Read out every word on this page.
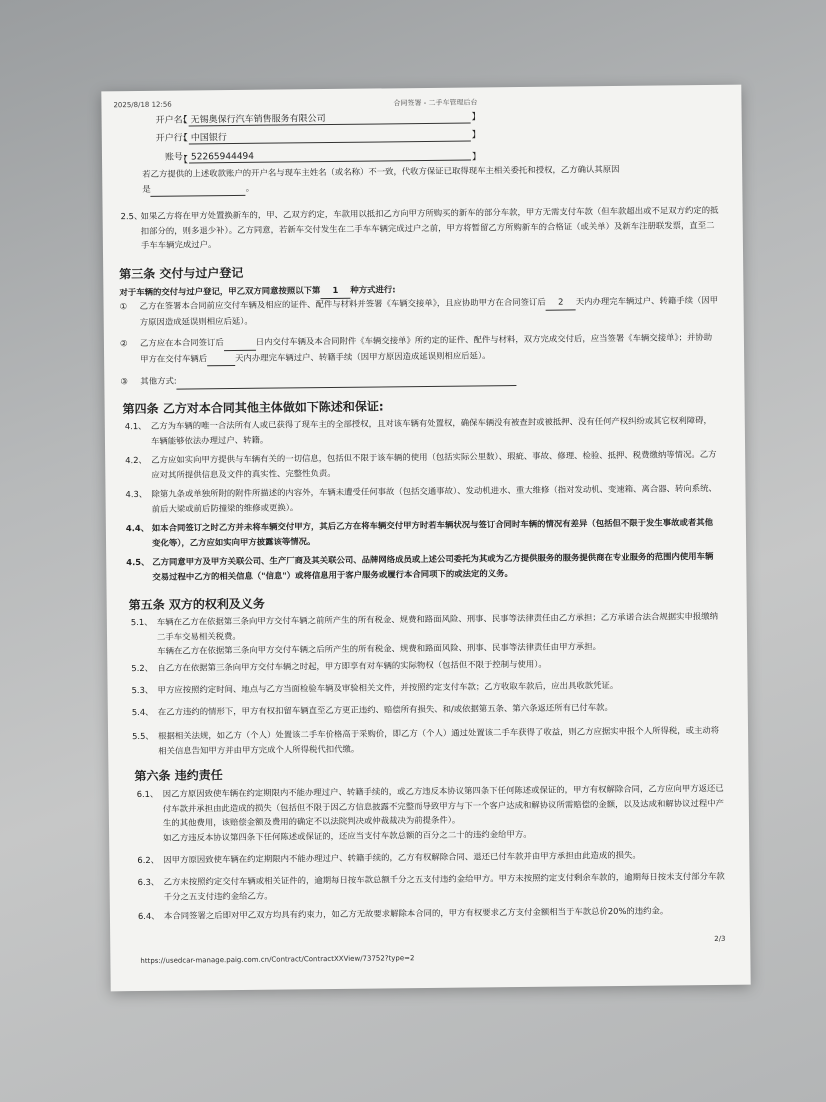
2025/8/18 12:56	合同签署 - 二手车管理后台
开户名: 【 无锡奥保行汽车销售服务有限公司 】
开户行: 【 中国银行 】
账号: 【 52265944494 】
若乙方提供的上述收款账户的开户名与现车主姓名（或名称）不一致，代收方保证已取得现车主相关委托和授权，乙方确认其原因
是	。
2.5、
如果乙方将在甲方处置换新车的，甲、乙双方约定，车款用以抵扣乙方向甲方所购买的新车的部分车款，甲方无需支付车款（但车款超出或不足双方约定的抵扣部分的，则多退少补）。乙方同意，若新车交付发生在二手车车辆完成过户之前，甲方将暂留乙方所购新车的合格证（或关单）及新车注册联发票，直至二手车车辆完成过户。
第三条 交付与过户登记
对于车辆的交付与过户登记，甲乙双方同意按照以下第 1 种方式进行:
①	乙方在签署本合同前应交付车辆及相应的证件、配件与材料并签署《车辆交接单》，且应协助甲方在合同签订后 2 天内办理完车辆过户、转籍手续（因甲方原因造成延误则相应后延）。
②	乙方应在本合同签订后	日内交付车辆及本合同附件《车辆交接单》所约定的证件、配件与材料，双方完成交付后，应当签署《车辆交接单》；并协助甲方在交付车辆后	天内办理完车辆过户、转籍手续（因甲方原因造成延误则相应后延）。
③	其他方式:
第四条 乙方对本合同其他主体做如下陈述和保证:
4.1、 乙方为车辆的唯一合法所有人或已获得了现车主的全部授权，且对该车辆有处置权，确保车辆没有被查封或被抵押、没有任何产权纠纷或其它权利障碍，车辆能够依法办理过户、转籍。
4.2、 乙方应如实向甲方提供与车辆有关的一切信息，包括但不限于该车辆的使用（包括实际公里数）、瑕疵、事故、修理、检验、抵押、税费缴纳等情况。乙方应对其所提供信息及文件的真实性、完整性负责。
4.3、 除第九条或单独所附的附件所描述的内容外，车辆未遭受任何事故（包括交通事故）、发动机进水、重大维修（指对发动机、变速箱、离合器、转向系统、前后大梁或前后防撞梁的维修或更换）。
4.4、 如本合同签订之时乙方并未将车辆交付甲方，其后乙方在将车辆交付甲方时若车辆状况与签订合同时车辆的情况有差异（包括但不限于发生事故或者其他变化等），乙方应如实向甲方披露该等情况。
4.5、 乙方同意甲方及甲方关联公司、生产厂商及其关联公司、品牌网络成员或上述公司委托为其或为乙方提供服务的服务提供商在专业服务的范围内使用车辆交易过程中乙方的相关信息（"信息"）或将信息用于客户服务或履行本合同项下的或法定的义务。
第五条 双方的权利及义务
5.1、 车辆在乙方在依据第三条向甲方交付车辆之前所产生的所有税金、规费和路面风险、刑事、民事等法律责任由乙方承担；乙方承诺合法合规据实申报缴纳二手车交易相关税费。
车辆在乙方在依据第三条向甲方交付车辆之后所产生的所有税金、规费和路面风险、刑事、民事等法律责任由甲方承担。
5.2、 自乙方在依据第三条向甲方交付车辆之时起，甲方即享有对车辆的实际物权（包括但不限于控制与使用）。
5.3、 甲方应按照约定时间、地点与乙方当面检验车辆及审验相关文件，并按照约定支付车款；乙方收取车款后，应出具收款凭证。
5.4、 在乙方违约的情形下，甲方有权扣留车辆直至乙方更正违约、赔偿所有损失、和/或依据第五条、第六条返还所有已付车款。
5.5、 根据相关法规，如乙方（个人）处置该二手车价格高于采购价，即乙方（个人）通过处置该二手车获得了收益，则乙方应据实申报个人所得税，或主动将相关信息告知甲方并由甲方完成个人所得税代扣代缴。
第六条 违约责任
6.1、 因乙方原因致使车辆在约定期限内不能办理过户、转籍手续的，或乙方违反本协议第四条下任何陈述或保证的，甲方有权解除合同，乙方应向甲方返还已付车款并承担由此造成的损失（包括但不限于因乙方信息披露不完整而导致甲方与下一个客户达成和解协议所需赔偿的金额，以及达成和解协议过程中产生的其他费用，该赔偿金额及费用的确定不以法院判决或仲裁裁决为前提条件）。
如乙方违反本协议第四条下任何陈述或保证的，还应当支付车款总额的百分之二十的违约金给甲方。
6.2、 因甲方原因致使车辆在约定期限内不能办理过户、转籍手续的，乙方有权解除合同、退还已付车款并由甲方承担由此造成的损失。
6.3、 乙方未按照约定交付车辆或相关证件的，逾期每日按车款总额千分之五支付违约金给甲方。甲方未按照约定支付剩余车款的，逾期每日按未支付部分车款千分之五支付违约金给乙方。
6.4、 本合同签署之后即对甲乙双方均具有约束力，如乙方无故要求解除本合同的，甲方有权要求乙方支付金额相当于车款总价20%的违约金。
2/3
https://usedcar-manage.paig.com.cn/Contract/ContractXXView/73752?type=2
